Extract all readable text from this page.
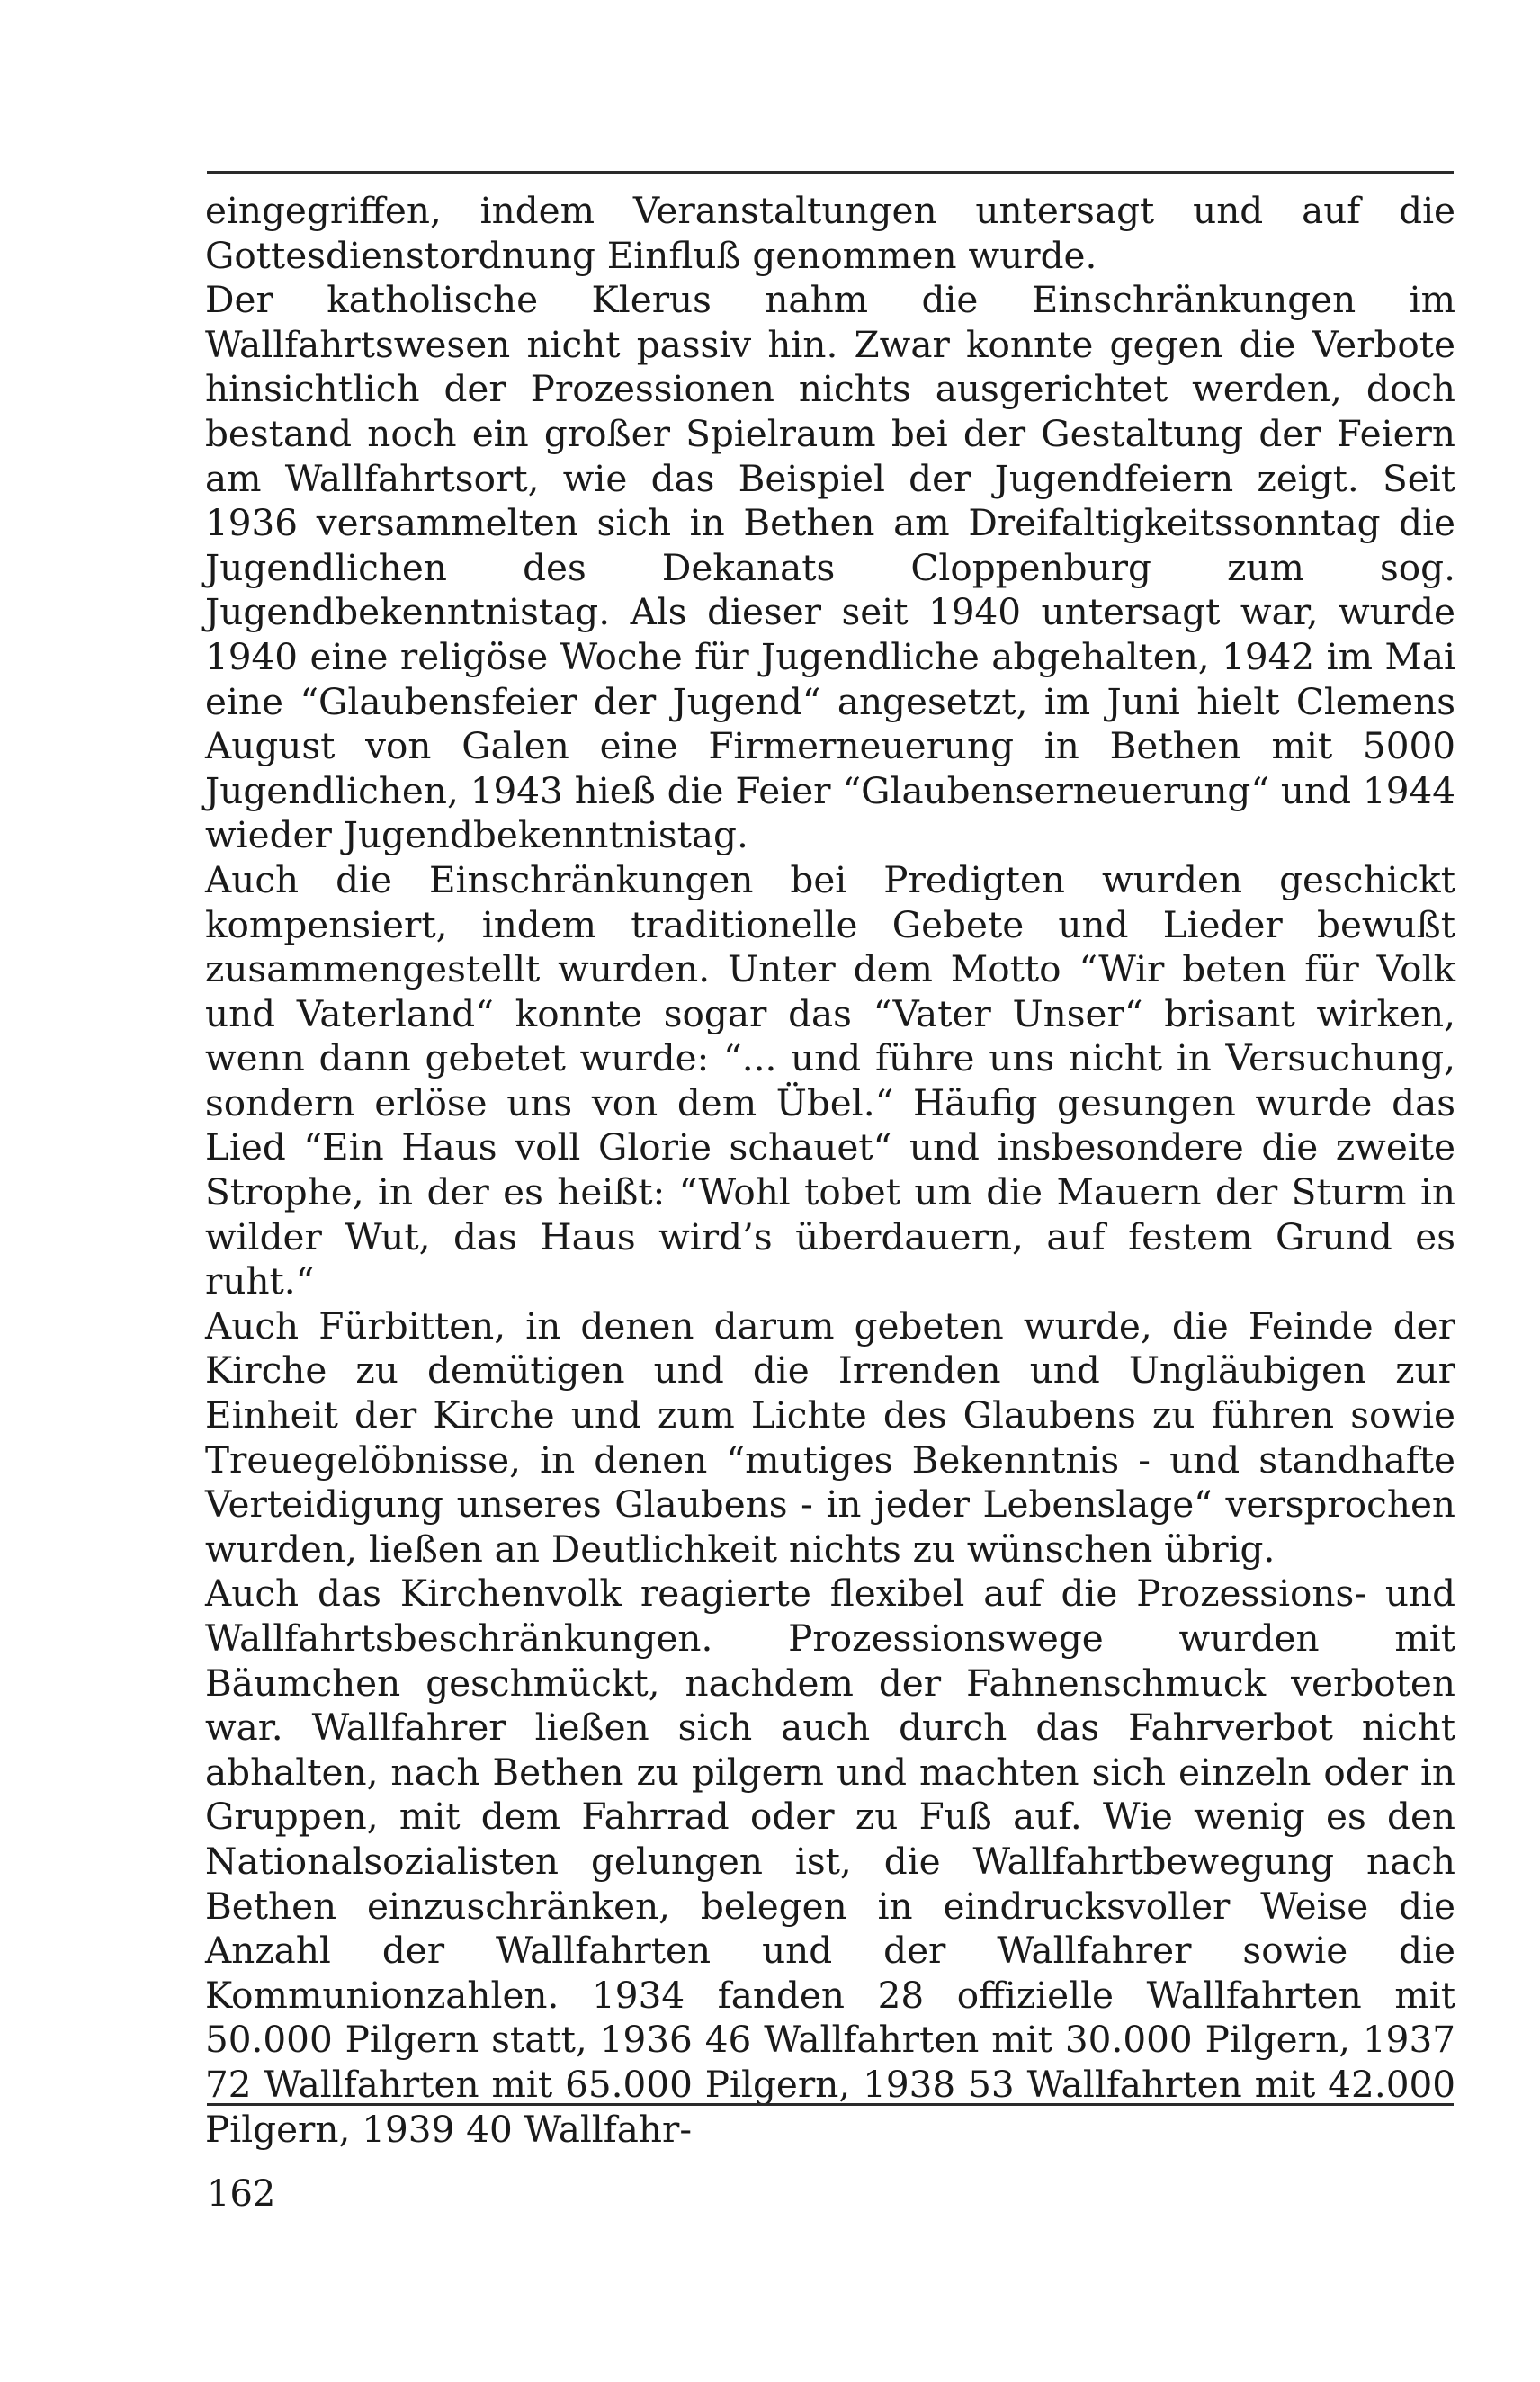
eingegriffen, indem Veranstaltungen untersagt und auf die Gottesdienstordnung Einfluß genommen wurde.

Der katholische Klerus nahm die Einschränkungen im Wallfahrtswesen nicht passiv hin. Zwar konnte gegen die Verbote hinsichtlich der Prozessionen nichts ausgerichtet werden, doch bestand noch ein großer Spielraum bei der Gestaltung der Feiern am Wallfahrtsort, wie das Beispiel der Jugendfeiern zeigt. Seit 1936 versammelten sich in Bethen am Dreifaltigkeitssonntag die Jugendlichen des Dekanats Cloppenburg zum sog. Jugendbekenntnistag. Als dieser seit 1940 untersagt war, wurde 1940 eine religöse Woche für Jugendliche abgehalten, 1942 im Mai eine “Glaubensfeier der Jugend“ angesetzt, im Juni hielt Clemens August von Galen eine Firmerneuerung in Bethen mit 5000 Jugendlichen, 1943 hieß die Feier “Glaubenserneuerung“ und 1944 wieder Jugendbekenntnistag.

Auch die Einschränkungen bei Predigten wurden geschickt kompensiert, indem traditionelle Gebete und Lieder bewußt zusammengestellt wurden. Unter dem Motto “Wir beten für Volk und Vaterland“ konnte sogar das “Vater Unser“ brisant wirken, wenn dann gebetet wurde: “... und führe uns nicht in Versuchung, sondern erlöse uns von dem Übel.“ Häufig gesungen wurde das Lied “Ein Haus voll Glorie schauet“ und insbesondere die zweite Strophe, in der es heißt: “Wohl tobet um die Mauern der Sturm in wilder Wut, das Haus wird’s überdauern, auf festem Grund es ruht.“

Auch Fürbitten, in denen darum gebeten wurde, die Feinde der Kirche zu demütigen und die Irrenden und Ungläubigen zur Einheit der Kirche und zum Lichte des Glaubens zu führen sowie Treuegelöbnisse, in denen “mutiges Bekenntnis - und standhafte Verteidigung unseres Glaubens - in jeder Lebenslage“ versprochen wurden, ließen an Deutlichkeit nichts zu wünschen übrig.

Auch das Kirchenvolk reagierte flexibel auf die Prozessions- und Wallfahrtsbeschränkungen. Prozessionswege wurden mit Bäumchen geschmückt, nachdem der Fahnenschmuck verboten war. Wallfahrer ließen sich auch durch das Fahrverbot nicht abhalten, nach Bethen zu pilgern und machten sich einzeln oder in Gruppen, mit dem Fahrrad oder zu Fuß auf. Wie wenig es den Nationalsozialisten gelungen ist, die Wallfahrtbewegung nach Bethen einzuschränken, belegen in eindrucksvoller Weise die Anzahl der Wallfahrten und der Wallfahrer sowie die Kommunionzahlen. 1934 fanden 28 offizielle Wallfahrten mit 50.000 Pilgern statt, 1936 46 Wallfahrten mit 30.000 Pilgern, 1937 72 Wallfahrten mit 65.000 Pilgern, 1938 53 Wallfahrten mit 42.000 Pilgern, 1939 40 Wallfahr-

162
